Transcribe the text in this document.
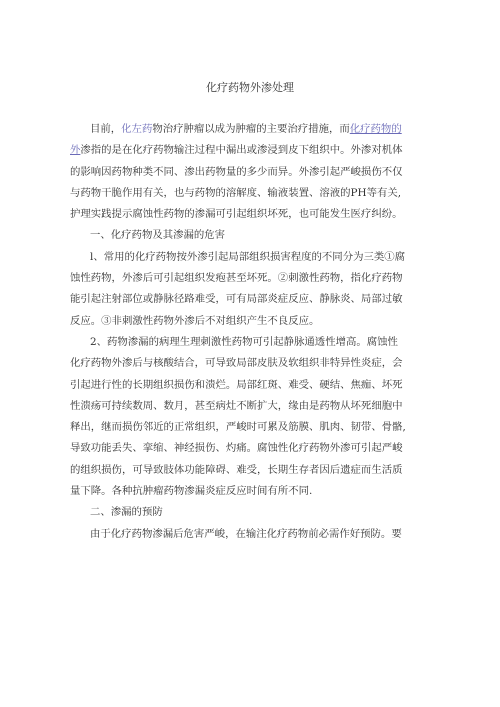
化疗药物外渗处理
目前，化左药物治疗肿瘤以成为肿瘤的主要治疗措施，而化疗药物的
外渗指的是在化疗药物输注过程中漏出或渗浸到皮下组织中。外渗对机体
的影响因药物种类不同、渗出药物量的多少而异。外渗引起严峻损伤不仅
与药物干脆作用有关，也与药物的溶解度、输液装置、溶液的PH等有关,
护理实践提示腐蚀性药物的渗漏可引起组织坏死，也可能发生医疗纠纷。
一、化疗药物及其渗漏的危害
l、常用的化疗药物按外渗引起局部组织损害程度的不同分为三类①腐
蚀性药物，外渗后可引起组织发疱甚至坏死。②刺激性药物，指化疗药物
能引起注射部位或静脉径路难受，可有局部炎症反应、静脉炎、局部过敏
反应。③非刺激性药物外渗后不对组织产生不良反应。
2、药物渗漏的病理生理刺激性药物可引起静脉通透性增高。腐蚀性
化疗药物外渗后与核酸结合，可导致局部皮肤及软组织非特异性炎症，会
引起进行性的长期组织损伤和溃烂。局部红斑、难受、硬结、焦痂、坏死
性溃疡可持续数周、数月，甚至病灶不断扩大，缘由是药物从坏死细胞中
释出，继而损伤邻近的正常组织，严峻时可累及筋膜、肌肉、韧带、骨骼,
导致功能丢失、挛缩、神经损伤、灼痛。腐蚀性化疗药物外渗可引起严峻
的组织损伤，可导致肢体功能障碍、难受，长期生存者因后遗症而生活质
量下降。各种抗肿瘤药物渗漏炎症反应时间有所不同.
二、渗漏的预防
由于化疗药物渗漏后危害严峻，在输注化疗药物前必需作好预防。要
